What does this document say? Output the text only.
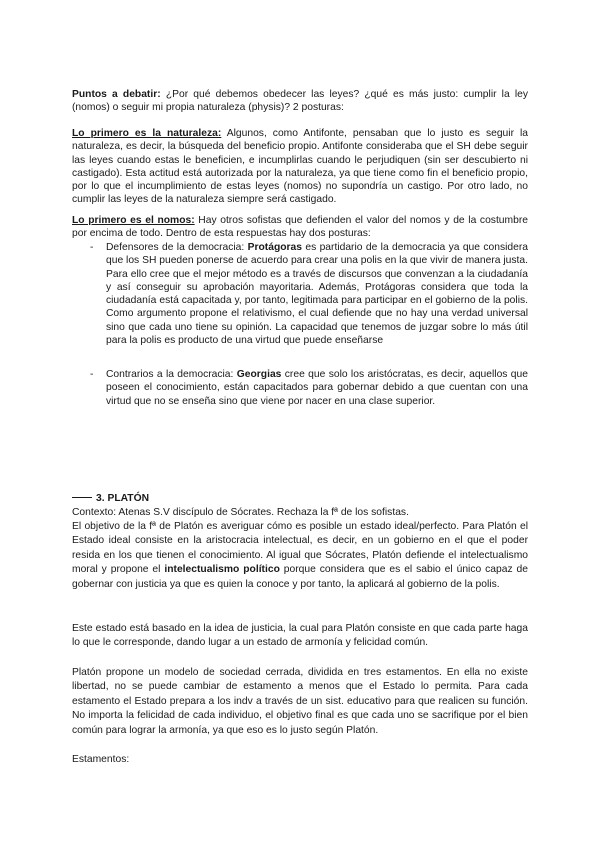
Puntos a debatir: ¿Por qué debemos obedecer las leyes? ¿qué es más justo: cumplir la ley (nomos) o seguir mi propia naturaleza (physis)? 2 posturas:

Lo primero es la naturaleza: Algunos, como Antifonte, pensaban que lo justo es seguir la naturaleza, es decir, la búsqueda del beneficio propio. Antifonte consideraba que el SH debe seguir las leyes cuando estas le beneficien, e incumplirlas cuando le perjudiquen (sin ser descubierto ni castigado). Esta actitud está autorizada por la naturaleza, ya que tiene como fin el beneficio propio, por lo que el incumplimiento de estas leyes (nomos) no supondría un castigo. Por otro lado, no cumplir las leyes de la naturaleza siempre será castigado.

Lo primero es el nomos: Hay otros sofistas que defienden el valor del nomos y de la costumbre por encima de todo. Dentro de esta respuestas hay dos posturas:

- Defensores de la democracia: Protágoras es partidario de la democracia ya que considera que los SH pueden ponerse de acuerdo para crear una polis en la que vivir de manera justa. Para ello cree que el mejor método es a través de discursos que convenzan a la ciudadanía y así conseguir su aprobación mayoritaria. Además, Protágoras considera que toda la ciudadanía está capacitada y, por tanto, legitimada para participar en el gobierno de la polis. Como argumento propone el relativismo, el cual defiende que no hay una verdad universal sino que cada uno tiene su opinión. La capacidad que tenemos de juzgar sobre lo más útil para la polis es producto de una virtud que puede enseñarse
- Contrarios a la democracia: Georgias cree que solo los aristócratas, es decir, aquellos que poseen el conocimiento, están capacitados para gobernar debido a que cuentan con una virtud que no se enseña sino que viene por nacer en una clase superior.
3. PLATÓN

Contexto: Atenas S.V discípulo de Sócrates. Rechaza la fª de los sofistas.

El objetivo de la fª de Platón es averiguar cómo es posible un estado ideal/perfecto. Para Platón el Estado ideal consiste en la aristocracia intelectual, es decir, en un gobierno en el que el poder resida en los que tienen el conocimiento. Al igual que Sócrates, Platón defiende el intelectualismo moral y propone el intelectualismo político porque considera que es el sabio el único capaz de gobernar con justicia ya que es quien la conoce y por tanto, la aplicará al gobierno de la polis.

Este estado está basado en la idea de justicia, la cual para Platón consiste en que cada parte haga lo que le corresponde, dando lugar a un estado de armonía y felicidad común.

Platón propone un modelo de sociedad cerrada, dividida en tres estamentos. En ella no existe libertad, no se puede cambiar de estamento a menos que el Estado lo permita. Para cada estamento el Estado prepara a los indv a través de un sist. educativo para que realicen su función. No importa la felicidad de cada individuo, el objetivo final es que cada uno se sacrifique por el bien común para lograr la armonía, ya que eso es lo justo según Platón.

Estamentos:
